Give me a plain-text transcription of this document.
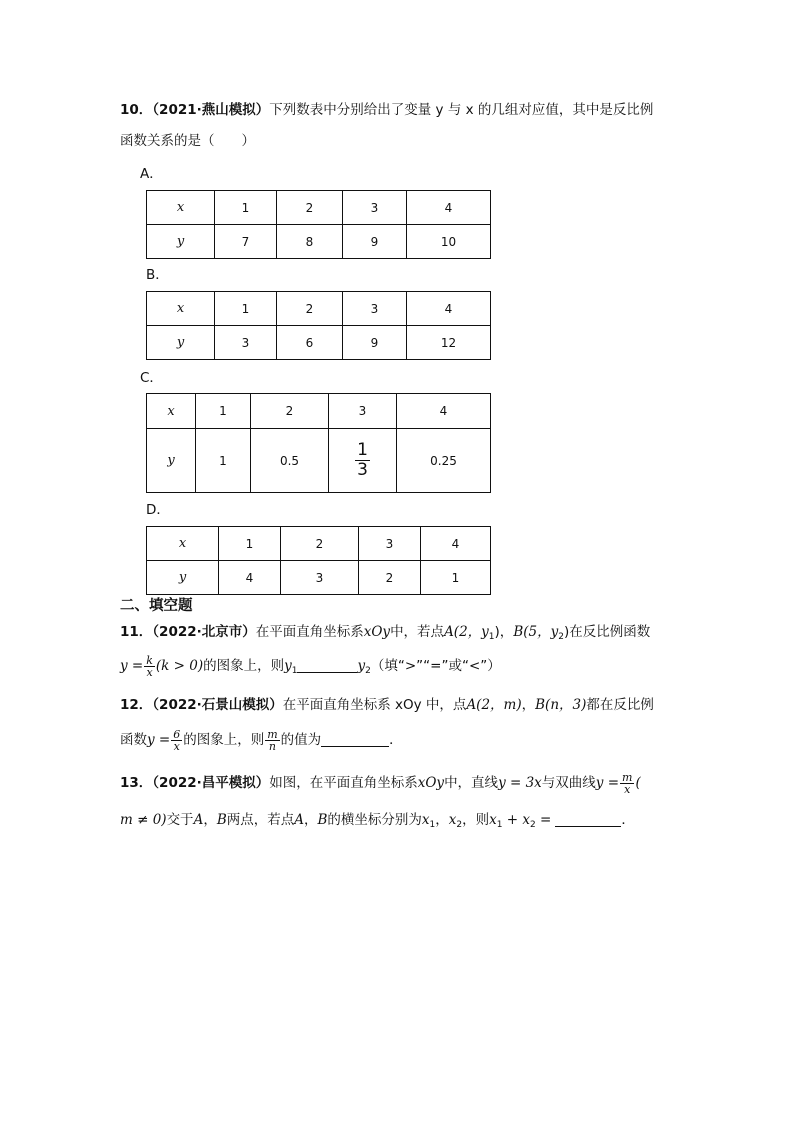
10．（2021·燕山模拟）下列数表中分别给出了变量 y 与 x 的几组对应值，其中是反比例
函数关系的是（　　）
A．
x	1	2	3	4
y	7	8	9	10
B．
x	1	2	3	4
y	3	6	9	12
C．
x	1	2	3	4
y	1	0.5	$\frac{1}{3}$	0.25
D．
x	1	2	3	4
y	4	3	2	1
二、填空题
11．（2022·北京市）在平面直角坐标系xOy中，若点A(2，$y_1$)，B(5，$y_2$)在反比例函数
$y = \frac{k}{x} (k > 0)$的图象上，则$y_1$	$y_2$（填“>”“=”或“<”）
12．（2022·石景山模拟）在平面直角坐标系 xOy 中，点A(2，m)，B(n，3)都在反比例
函数$y = \frac{6}{x}$ 的图象上，则 $\frac{m}{n}$ 的值为	．
13．（2022·昌平模拟）如图，在平面直角坐标系xOy中，直线y = 3x与双曲线$y = \frac{m}{x}$ (
m ≠ 0)交于A，B两点，若点A，B的横坐标分别为$x_1$，$x_2$，则$x_1 + x_2$ =	．
